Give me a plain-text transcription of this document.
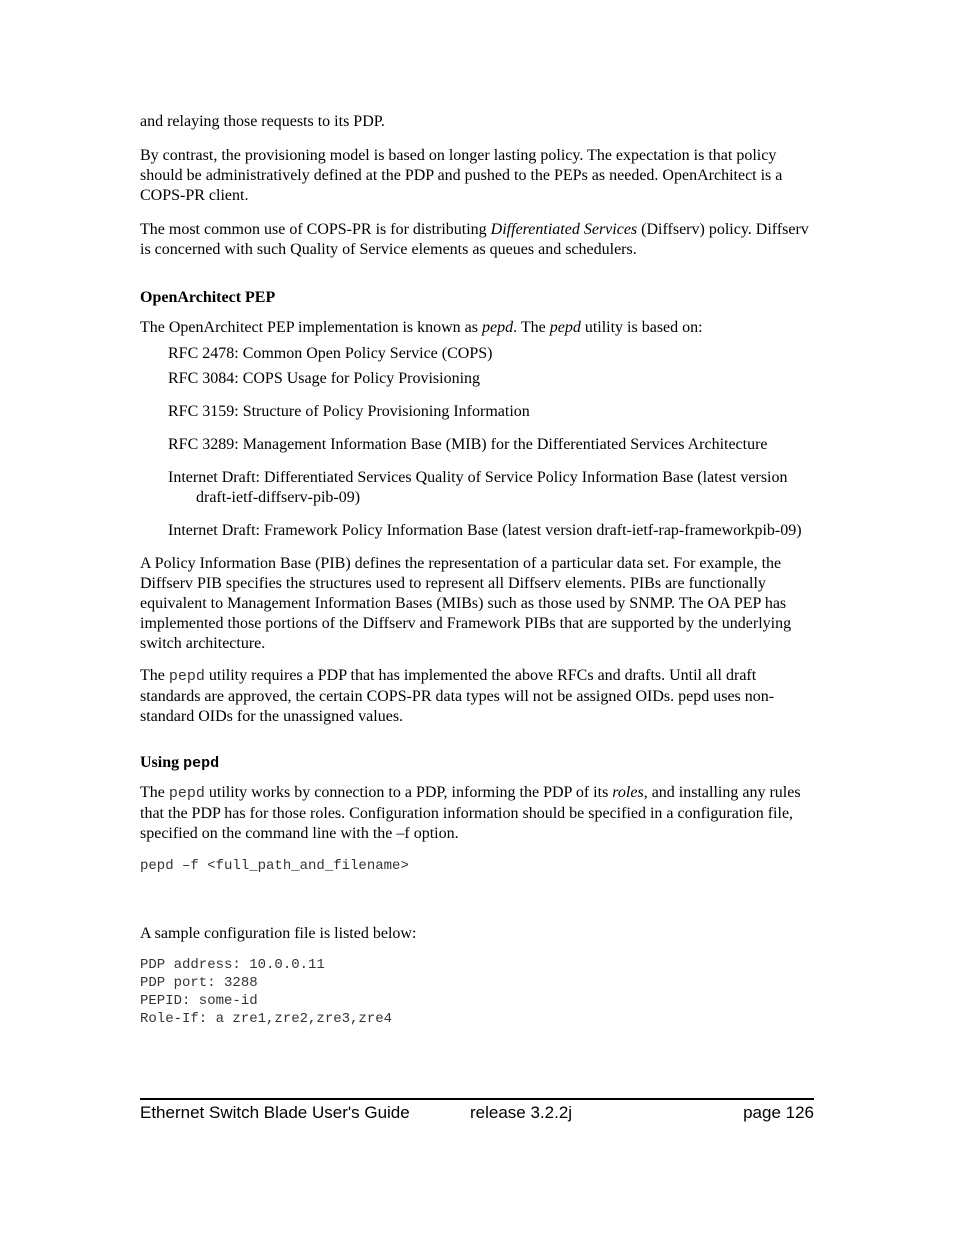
and relaying those requests to its PDP.

By contrast, the provisioning model is based on longer lasting policy. The expectation is that policy should be administratively defined at the PDP and pushed to the PEPs as needed. OpenArchitect is a COPS-PR client.

The most common use of COPS-PR is for distributing Differentiated Services (Diffserv) policy. Diffserv is concerned with such Quality of Service elements as queues and schedulers.

OpenArchitect PEP

The OpenArchitect PEP implementation is known as pepd. The pepd utility is based on:

RFC 2478: Common Open Policy Service (COPS)

RFC 3084: COPS Usage for Policy Provisioning

RFC 3159: Structure of Policy Provisioning Information

RFC 3289: Management Information Base (MIB) for the Differentiated Services Architecture

Internet Draft: Differentiated Services Quality of Service Policy Information Base (latest version draft-ietf-diffserv-pib-09)

Internet Draft: Framework Policy Information Base (latest version draft-ietf-rap-frameworkpib-09)

A Policy Information Base (PIB) defines the representation of a particular data set. For example, the Diffserv PIB specifies the structures used to represent all Diffserv elements. PIBs are functionally equivalent to Management Information Bases (MIBs) such as those used by SNMP. The OA PEP has implemented those portions of the Diffserv and Framework PIBs that are supported by the underlying switch architecture.

The pepd utility requires a PDP that has implemented the above RFCs and drafts. Until all draft standards are approved, the certain COPS-PR data types will not be assigned OIDs. pepd uses non-standard OIDs for the unassigned values.

Using pepd

The pepd utility works by connection to a PDP, informing the PDP of its roles, and installing any rules that the PDP has for those roles. Configuration information should be specified in a configuration file, specified on the command line with the –f option.

pepd –f <full_path_and_filename>

A sample configuration file is listed below:

PDP address: 10.0.0.11
PDP port: 3288
PEPID: some-id
Role-If: a zre1,zre2,zre3,zre4
Ethernet Switch Blade User's Guide	release 3.2.2j	page 126
